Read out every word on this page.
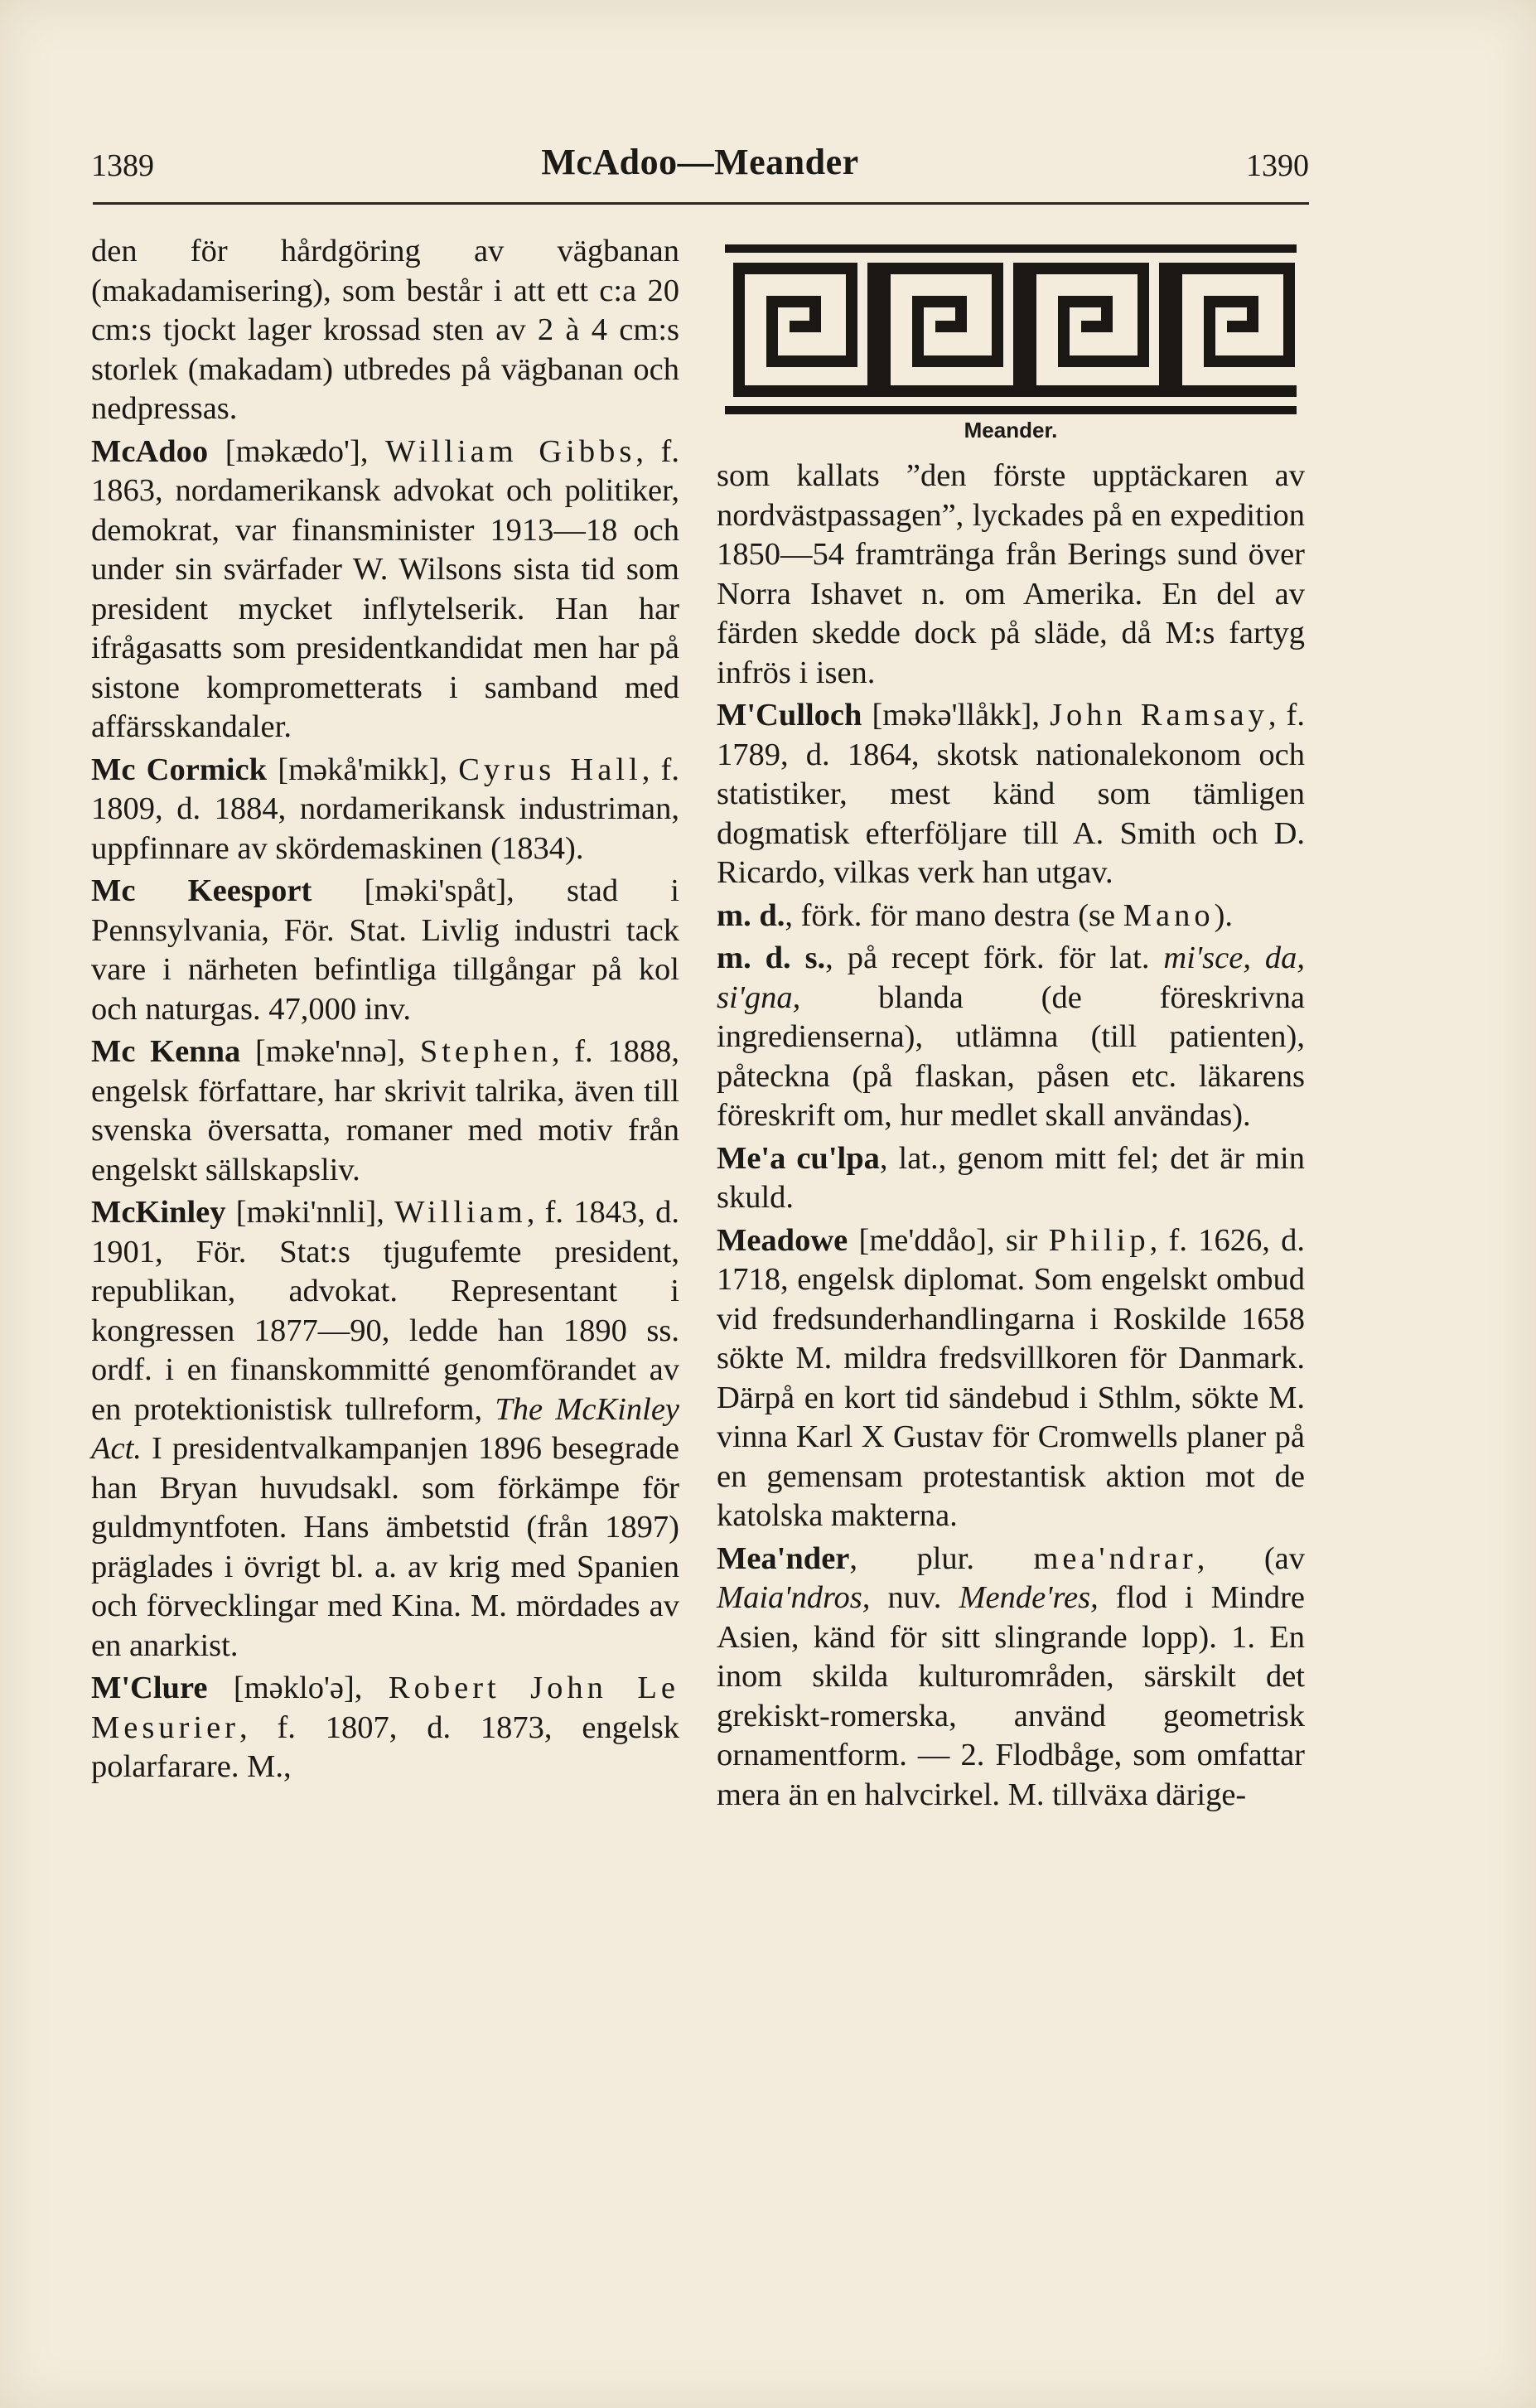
1389	McAdoo—Meander	1390

den för hårdgöring av vägbanan (makadamisering), som består i att ett c:a 20 cm:s tjockt lager krossad sten av 2 à 4 cm:s storlek (makadam) utbredes på vägbanan och nedpressas.

McAdoo [məkædo'], William Gibbs, f. 1863, nordamerikansk advokat och politiker, demokrat, var finansminister 1913—18 och under sin svärfader W. Wilsons sista tid som president mycket inflytelserik. Han har ifrågasatts som presidentkandidat men har på sistone komprometterats i samband med affärsskandaler.

Mc Cormick [məkå'mikk], Cyrus Hall, f. 1809, d. 1884, nordamerikansk industriman, uppfinnare av skördemaskinen (1834).

Mc Keesport [məki'spåt], stad i Pennsylvania, För. Stat. Livlig industri tack vare i närheten befintliga tillgångar på kol och naturgas. 47,000 inv.

Mc Kenna [məke'nnə], Stephen, f. 1888, engelsk författare, har skrivit talrika, även till svenska översatta, romaner med motiv från engelskt sällskapsliv.

McKinley [məki'nnli], William, f. 1843, d. 1901, För. Stat:s tjugufemte president, republikan, advokat. Representant i kongressen 1877—90, ledde han 1890 ss. ordf. i en finanskommitté genomförandet av en protektionistisk tullreform, The McKinley Act. I presidentvalkampanjen 1896 besegrade han Bryan huvudsakl. som förkämpe för guldmyntfoten. Hans ämbetstid (från 1897) präglades i övrigt bl. a. av krig med Spanien och förvecklingar med Kina. M. mördades av en anarkist.

M'Clure [məklo'ə], Robert John Le Mesurier, f. 1807, d. 1873, engelsk polarfarare. M.,

Meander.

som kallats ”den förste upptäckaren av nordvästpassagen”, lyckades på en expedition 1850—54 framtränga från Berings sund över Norra Ishavet n. om Amerika. En del av färden skedde dock på släde, då M:s fartyg infrös i isen.

M'Culloch [məkə'llåkk], John Ramsay, f. 1789, d. 1864, skotsk nationalekonom och statistiker, mest känd som tämligen dogmatisk efterföljare till A. Smith och D. Ricardo, vilkas verk han utgav.

m. d., förk. för mano destra (se Mano).

m. d. s., på recept förk. för lat. mi'sce, da, si'gna, blanda (de föreskrivna ingredienserna), utlämna (till patienten), påteckna (på flaskan, påsen etc. läkarens föreskrift om, hur medlet skall användas).

Me'a cu'lpa, lat., genom mitt fel; det är min skuld.

Meadowe [me'ddåo], sir Philip, f. 1626, d. 1718, engelsk diplomat. Som engelskt ombud vid fredsunderhandlingarna i Roskilde 1658 sökte M. mildra fredsvillkoren för Danmark. Därpå en kort tid sändebud i Sthlm, sökte M. vinna Karl X Gustav för Cromwells planer på en gemensam protestantisk aktion mot de katolska makterna.

Mea'nder, plur. mea'ndrar, (av Maia'ndros, nuv. Mende'res, flod i Mindre Asien, känd för sitt slingrande lopp). 1. En inom skilda kulturområden, särskilt det grekiskt-romerska, använd geometrisk ornamentform. — 2. Flodbåge, som omfattar mera än en halvcirkel. M. tillväxa därige-
